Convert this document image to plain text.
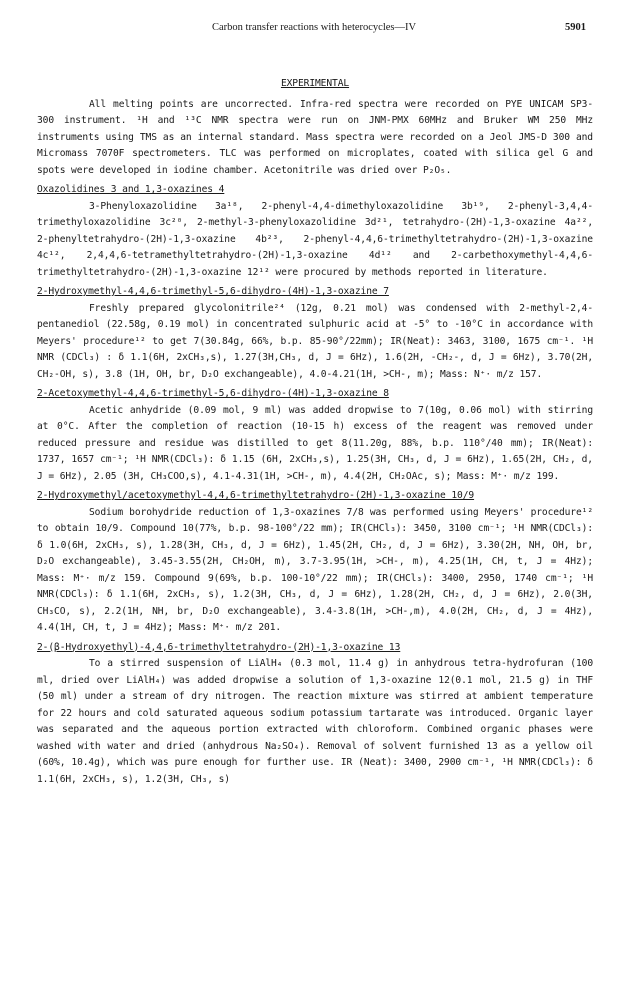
Carbon transfer reactions with heterocycles—IV	5901

EXPERIMENTAL

All melting points are uncorrected. Infra-red spectra were recorded on PYE UNICAM SP3-300 instrument. ¹H and ¹³C NMR spectra were run on JNM-PMX 60MHz and Bruker WM 250 MHz instruments using TMS as an internal standard. Mass spectra were recorded on a Jeol JMS-D 300 and Micromass 7070F spectrometers. TLC was performed on microplates, coated with silica gel G and spots were developed in iodine chamber. Acetonitrile was dried over P₂O₅.

Oxazolidines 3 and 1,3-oxazines 4

3-Phenyloxazolidine 3a¹⁸, 2-phenyl-4,4-dimethyloxazolidine 3b¹⁹, 2-phenyl-3,4,4-trimethyloxazolidine 3c²⁰, 2-methyl-3-phenyloxazolidine 3d²¹, tetrahydro-(2H)-1,3-oxazine 4a²², 2-phenyltetrahydro-(2H)-1,3-oxazine 4b²³, 2-phenyl-4,4,6-trimethyltetrahydro-(2H)-1,3-oxazine 4c¹², 2,4,4,6-tetramethyltetrahydro-(2H)-1,3-oxazine 4d¹² and 2-carbethoxymethyl-4,4,6-trimethyltetrahydro-(2H)-1,3-oxazine 12¹² were procured by methods reported in literature.

2-Hydroxymethyl-4,4,6-trimethyl-5,6-dihydro-(4H)-1,3-oxazine 7

Freshly prepared glycolonitrile²⁴ (12g, 0.21 mol) was condensed with 2-methyl-2,4-pentanediol (22.58g, 0.19 mol) in concentrated sulphuric acid at -5° to -10°C in accordance with Meyers' procedure¹² to get 7(30.84g, 66%, b.p. 85-90°/22mm); IR(Neat): 3463, 3100, 1675 cm⁻¹. ¹H NMR (CDCl₃) : δ 1.1(6H, 2xCH₃,s), 1.27(3H,CH₃, d, J = 6Hz), 1.6(2H, -CH₂-, d, J = 6Hz), 3.70(2H, CH₂-OH, s), 3.8 (1H, OH, br, D₂O exchangeable), 4.0-4.21(1H, >CH-, m); Mass: N⁺· m/z 157.

2-Acetoxymethyl-4,4,6-trimethyl-5,6-dihydro-(4H)-1,3-oxazine 8

Acetic anhydride (0.09 mol, 9 ml) was added dropwise to 7(10g, 0.06 mol) with stirring at 0°C. After the completion of reaction (10-15 h) excess of the reagent was removed under reduced pressure and residue was distilled to get 8(11.20g, 88%, b.p. 110°/40 mm); IR(Neat): 1737, 1657 cm⁻¹; ¹H NMR(CDCl₃): δ 1.15 (6H, 2xCH₃,s), 1.25(3H, CH₃, d, J = 6Hz), 1.65(2H, CH₂, d, J = 6Hz), 2.05 (3H, CH₃COO,s), 4.1-4.31(1H, >CH-, m), 4.4(2H, CH₂OAc, s); Mass: M⁺· m/z 199.

2-Hydroxymethyl/acetoxymethyl-4,4,6-trimethyltetrahydro-(2H)-1,3-oxazine 10/9

Sodium borohydride reduction of 1,3-oxazines 7/8 was performed using Meyers' procedure¹² to obtain 10/9. Compound 10(77%, b.p. 98-100°/22 mm); IR(CHCl₃): 3450, 3100 cm⁻¹; ¹H NMR(CDCl₃): δ 1.0(6H, 2xCH₃, s), 1.28(3H, CH₃, d, J = 6Hz), 1.45(2H, CH₂, d, J = 6Hz), 3.30(2H, NH, OH, br, D₂O exchangeable), 3.45-3.55(2H, CH₂OH, m), 3.7-3.95(1H, >CH-, m), 4.25(1H, CH, t, J = 4Hz); Mass: M⁺· m/z 159. Compound 9(69%, b.p. 100-10°/22 mm); IR(CHCl₃): 3400, 2950, 1740 cm⁻¹; ¹H NMR(CDCl₃): δ 1.1(6H, 2xCH₃, s), 1.2(3H, CH₃, d, J = 6Hz), 1.28(2H, CH₂, d, J = 6Hz), 2.0(3H, CH₃CO, s), 2.2(1H, NH, br, D₂O exchangeable), 3.4-3.8(1H, >CH-,m), 4.0(2H, CH₂, d, J = 4Hz), 4.4(1H, CH, t, J = 4Hz); Mass: M⁺· m/z 201.

2-(β-Hydroxyethyl)-4,4,6-trimethyltetrahydro-(2H)-1,3-oxazine 13

To a stirred suspension of LiAlH₄ (0.3 mol, 11.4 g) in anhydrous tetra-hydrofuran (100 ml, dried over LiAlH₄) was added dropwise a solution of 1,3-oxazine 12(0.1 mol, 21.5 g) in THF (50 ml) under a stream of dry nitrogen. The reaction mixture was stirred at ambient temperature for 22 hours and cold saturated aqueous sodium potassium tartarate was introduced. Organic layer was separated and the aqueous portion extracted with chloroform. Combined organic phases were washed with water and dried (anhydrous Na₂SO₄). Removal of solvent furnished 13 as a yellow oil (60%, 10.4g), which was pure enough for further use. IR (Neat): 3400, 2900 cm⁻¹, ¹H NMR(CDCl₃): δ 1.1(6H, 2xCH₃, s), 1.2(3H, CH₃, s)
